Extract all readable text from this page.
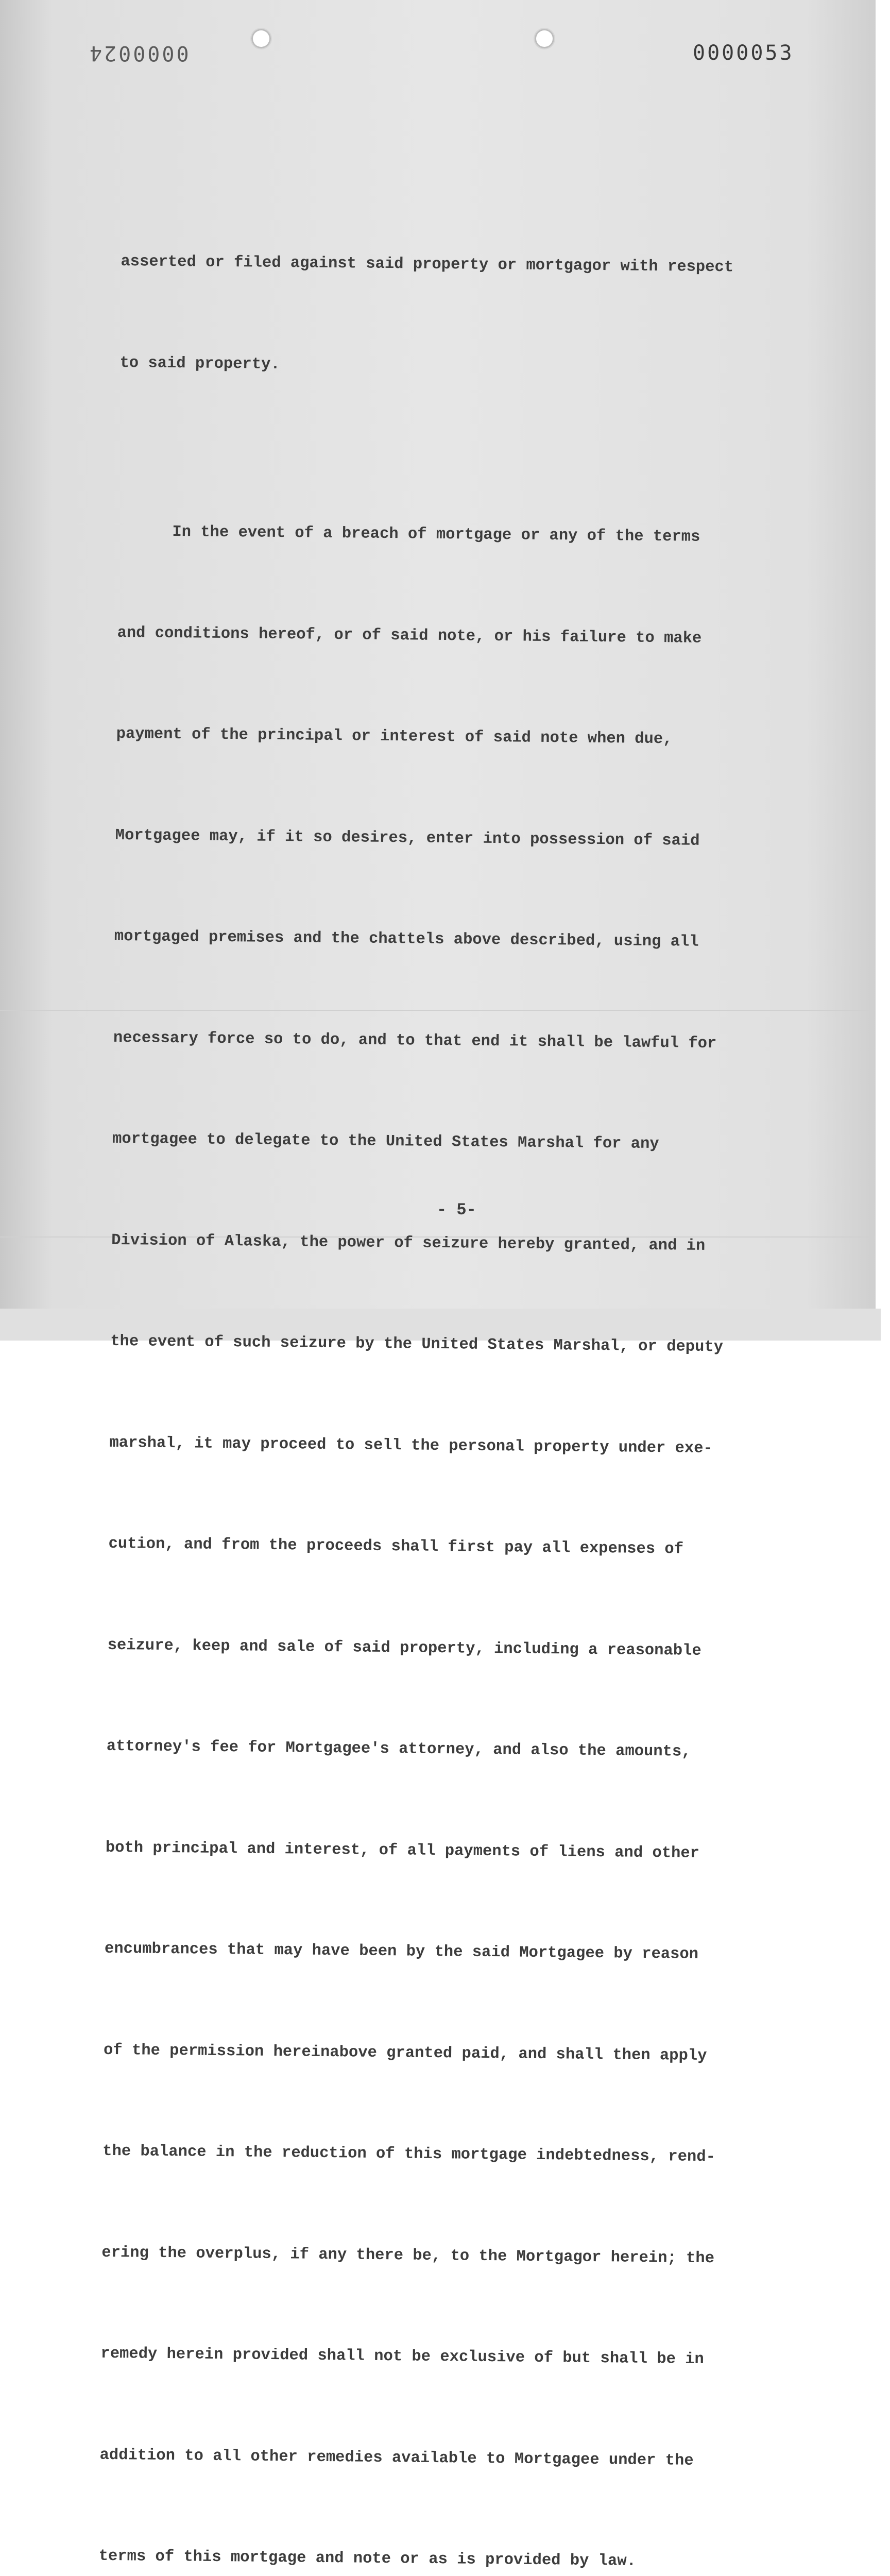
0000024	0000053

asserted or filed against said property or mortgagor with respect

to said property.

In the event of a breach of mortgage or any of the terms

and conditions hereof, or of said note, or his failure to make

payment of the principal or interest of said note when due,

Mortgagee may, if it so desires, enter into possession of said

mortgaged premises and the chattels above described, using all

necessary force so to do, and to that end it shall be lawful for

mortgagee to delegate to the United States Marshal for any

Division of Alaska, the power of seizure hereby granted, and in

the event of such seizure by the United States Marshal, or deputy

marshal, it may proceed to sell the personal property under exe-

cution, and from the proceeds shall first pay all expenses of

seizure, keep and sale of said property, including a reasonable

attorney's fee for Mortgagee's attorney, and also the amounts,

both principal and interest, of all payments of liens and other

encumbrances that may have been by the said Mortgagee by reason

of the permission hereinabove granted paid, and shall then apply

the balance in the reduction of this mortgage indebtedness, rend-

ering the overplus, if any there be, to the Mortgagor herein; the

remedy herein provided shall not be exclusive of but shall be in

addition to all other remedies available to Mortgagee under the

terms of this mortgage and note or as is provided by law.

- 5-
